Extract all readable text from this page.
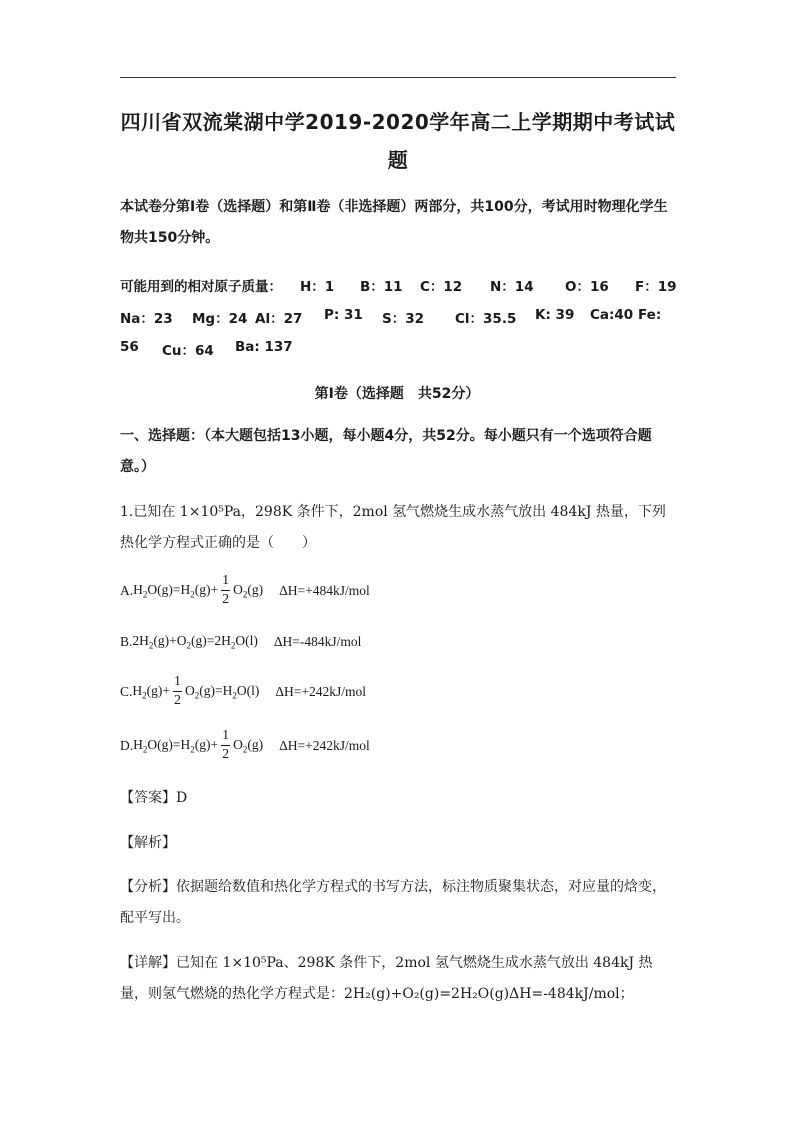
四川省双流棠湖中学2019-2020学年高二上学期期中考试试
题
本试卷分第Ⅰ卷（选择题）和第Ⅱ卷（非选择题）两部分，共100分，考试用时物理化学生物共150分钟。
可能用到的相对原子质量： H：1 B：11 C：12 N：14 O：16 F：19
Na：23 Mg：24 Al：27 P: 31 S：32 Cl：35.5 K: 39 Ca:40 Fe:
56 Cu：64 Ba: 137
第Ⅰ卷（选择题　共52分）
一、选择题：（本大题包括13小题，每小题4分，共52分。每小题只有一个选项符合题意。）
1.已知在 1×10⁵Pa，298K 条件下，2mol 氢气燃烧生成水蒸气放出 484kJ 热量，下列热化学方程式正确的是（　　）
A. $H_2O(g)=H_2(g)+ \frac{1}{2} O_2(g)$ ΔH=+484kJ/mol
B. $2H_2(g)+O_2(g)=2H_2O(l)$ ΔH=-484kJ/mol
C. $H_2(g)+ \frac{1}{2} O_2(g)=H_2O(l)$ ΔH=+242kJ/mol
D. $H_2O(g)=H_2(g)+ \frac{1}{2} O_2(g)$ ΔH=+242kJ/mol
【答案】D
【解析】
【分析】依据题给数值和热化学方程式的书写方法，标注物质聚集状态，对应量的焓变，配平写出。
【详解】已知在 1×10⁵Pa、298K 条件下，2mol 氢气燃烧生成水蒸气放出 484kJ 热量，则氢气燃烧的热化学方程式是：2H₂(g)+O₂(g)=2H₂O(g)ΔH=-484kJ/mol；
